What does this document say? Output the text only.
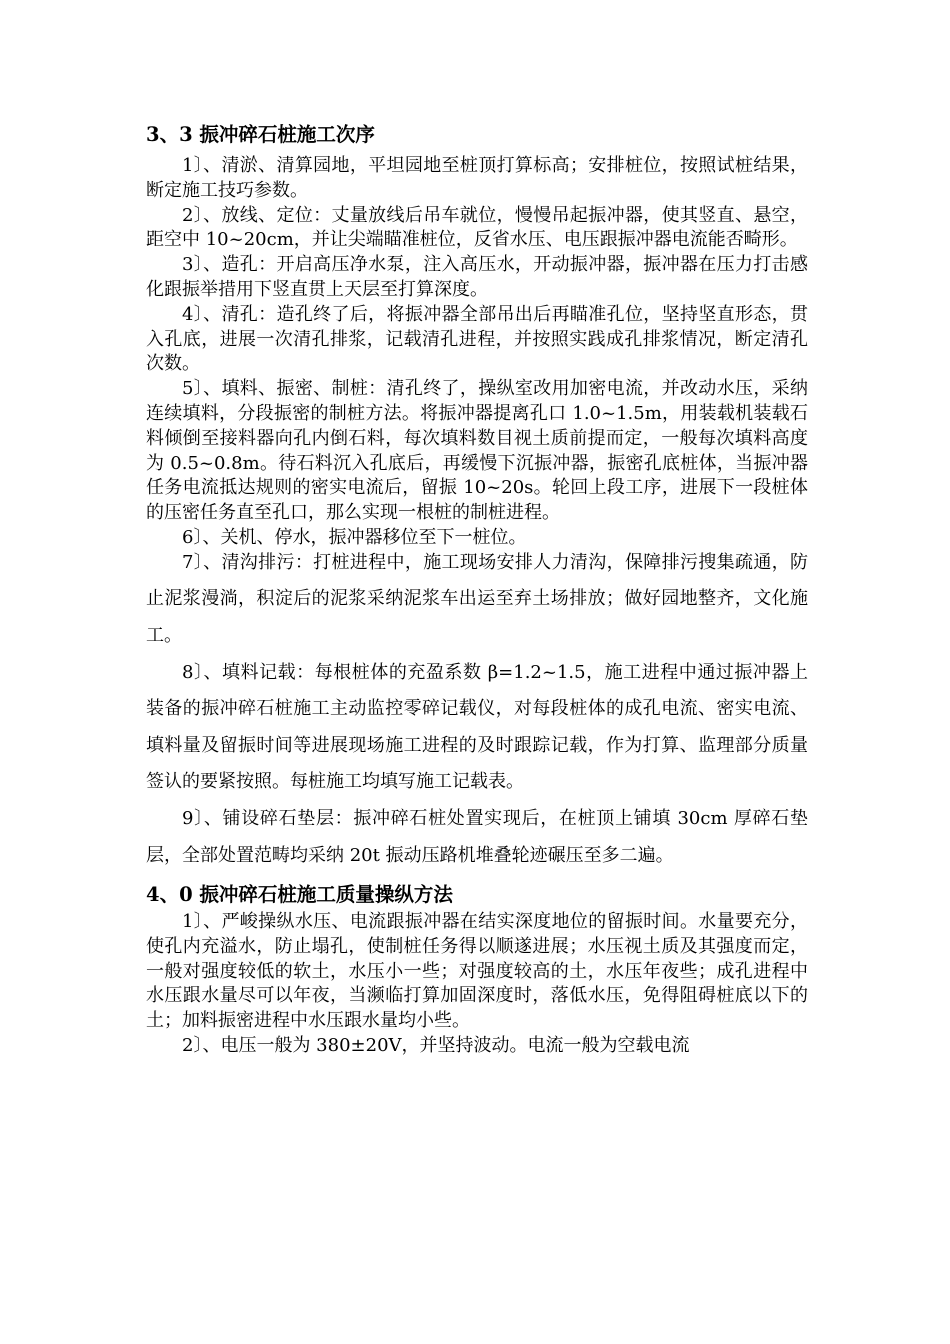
3、3 振冲碎石桩施工次序

1〕、清淤、清算园地，平坦园地至桩顶打算标高；安排桩位，按照试桩结果，断定施工技巧参数。

2〕、放线、定位：丈量放线后吊车就位，慢慢吊起振冲器，使其竖直、悬空，距空中 10~20cm，并让尖端瞄准桩位，反省水压、电压跟振冲器电流能否畸形。

3〕、造孔：开启高压净水泵，注入高压水，开动振冲器，振冲器在压力打击感化跟振举措用下竖直贯上天层至打算深度。

4〕、清孔：造孔终了后，将振冲器全部吊出后再瞄准孔位，坚持坚直形态，贯入孔底，进展一次清孔排浆，记载清孔进程，并按照实践成孔排浆情况，断定清孔次数。

5〕、填料、振密、制桩：清孔终了，操纵室改用加密电流，并改动水压，采纳连续填料，分段振密的制桩方法。将振冲器提离孔口 1.0~1.5m，用装载机装载石料倾倒至接料器向孔内倒石料，每次填料数目视土质前提而定，一般每次填料高度为 0.5~0.8m。待石料沉入孔底后，再缓慢下沉振冲器，振密孔底桩体，当振冲器任务电流抵达规则的密实电流后，留振 10~20s。轮回上段工序，进展下一段桩体的压密任务直至孔口，那么实现一根桩的制桩进程。

6〕、关机、停水，振冲器移位至下一桩位。

7〕、清沟排污：打桩进程中，施工现场安排人力清沟，保障排污搜集疏通，防止泥浆漫淌，积淀后的泥浆采纳泥浆车出运至弃土场排放；做好园地整齐，文化施工。

8〕、填料记载：每根桩体的充盈系数 β=1.2~1.5，施工进程中通过振冲器上装备的振冲碎石桩施工主动监控零碎记载仪，对每段桩体的成孔电流、密实电流、填料量及留振时间等进展现场施工进程的及时跟踪记载，作为打算、监理部分质量签认的要紧按照。每桩施工均填写施工记载表。

9〕、铺设碎石垫层：振冲碎石桩处置实现后，在桩顶上铺填 30cm 厚碎石垫层，全部处置范畴均采纳 20t 振动压路机堆叠轮迹碾压至多二遍。

4、0 振冲碎石桩施工质量操纵方法

1〕、严峻操纵水压、电流跟振冲器在结实深度地位的留振时间。水量要充分，使孔内充溢水，防止塌孔，使制桩任务得以顺遂进展；水压视土质及其强度而定，一般对强度较低的软土，水压小一些；对强度较高的土，水压年夜些；成孔进程中水压跟水量尽可以年夜，当濒临打算加固深度时，落低水压，免得阻碍桩底以下的土；加料振密进程中水压跟水量均小些。

2〕、电压一般为 380±20V，并坚持波动。电流一般为空载电流
